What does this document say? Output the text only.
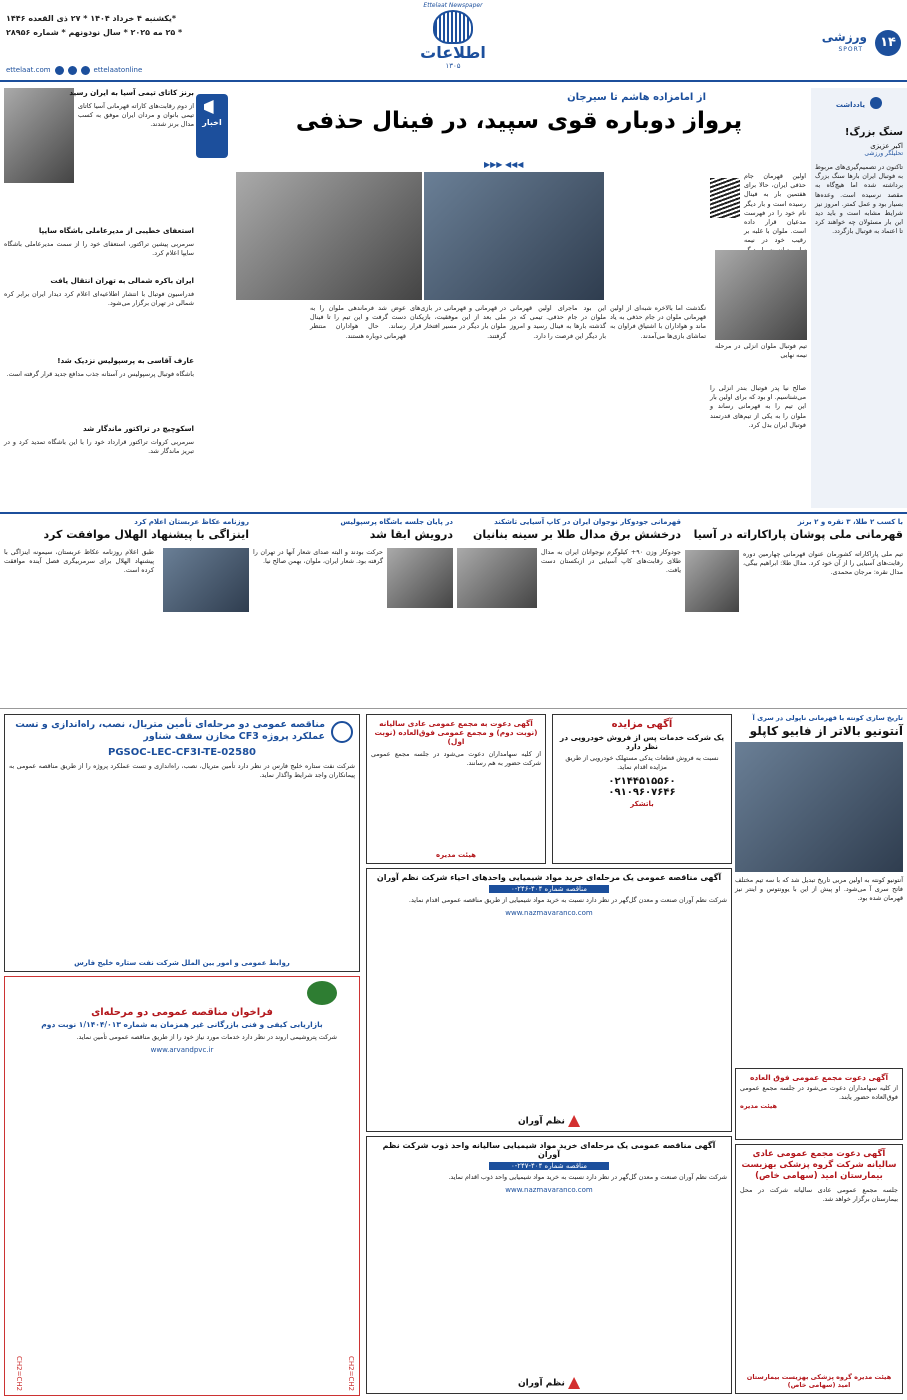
۱۴
ورزشی
SPORT
Ettelaat Newspaper
اطلاعات
۱۳۰۵
*یکشنبه ۴ خرداد ۱۴۰۴ * ۲۷ ذی القعده ۱۴۴۶
* ۲۵ مه ۲۰۲۵ * سال نودونهم * شماره ۲۸۹۵۶
ettelaat.com	ettelaatonline
یادداشت
سنگ بزرگ!
اکبر عزیزی
تحلیلگر ورزشی
تاکنون در تصمیم‌گیری‌های مربوط به فوتبال ایران بارها سنگ بزرگ برداشته شده اما هیچ‌گاه به مقصد نرسیده است. وعده‌ها بسیار بود و عمل کمتر. امروز نیز شرایط مشابه است و باید دید این بار مسئولان چه خواهند کرد تا اعتماد به فوتبال بازگردد.
برنز کاتای تیمی آسیا به ایران رسید
از دوم رقابت‌های کاراته قهرمانی آسیا کاتای تیمی بانوان و مردان ایران موفق به کسب مدال برنز شدند.
استعفای خطیبی از مدیرعاملی باشگاه سایپا
سرمربی پیشین تراکتور، استعفای خود را از سمت مدیرعاملی باشگاه سایپا اعلام کرد.
ایران باکره شمالی به تهران انتقال یافت
فدراسیون فوتبال با انتشار اطلاعیه‌ای اعلام کرد دیدار ایران برابر کره شمالی در تهران برگزار می‌شود.
عارف آقاسی به پرسپولیس نزدیک شد!
باشگاه فوتبال پرسپولیس در آستانه جذب مدافع جدید قرار گرفته است.
اسکوچیچ در تراکتور ماندگار شد
سرمربی کروات تراکتور قرارداد خود را با این باشگاه تمدید کرد و در تبریز ماندگار شد.
اخبار
از امامزاده هاشم تا سیرجان
پرواز دوباره قوی سپید، در فینال حذفی
◀◀◀ ▶▶▶
اولین قهرمان جام حذفی ایران، حالا برای هفتمین بار به فینال رسیده است و بار دیگر نام خود را در فهرست مدعیان قرار داده است. ملوان با غلبه بر رقیب خود در نیمه
صالح نیا پدر فوتبال بندر انزلی را می‌شناسیم. او بود که برای اولین بار این تیم را به قهرمانی رساند و ملوان را به یکی از تیم‌های قدرتمند فوتبال ایران بدل کرد.
نگذشت اما بالاخره شبه‌ای از اولین قهرمانی ملوان در جام حذفی به یاد ماند و هواداران با اشتیاق فراوان به تماشای بازی‌ها می‌آمدند.
این بود ماجرای اولین قهرمانی ملوان در جام حذفی. تیمی که در گذشته بارها به فینال رسید و امروز بار دیگر این فرصت را دارد.
در قهرمانی و قهرمانی در بازی‌های ملی بعد از این موفقیت، بازیکنان ملوان بار دیگر در مسیر افتخار قرار گرفتند.
عوض شد فرماندهی ملوان را به دست گرفت و این تیم را تا فینال رساند. حال هواداران منتظر قهرمانی دوباره هستند.
تیم فوتبال ملوان انزلی در مرحله نیمه نهایی
با کسب ۲ طلا، ۳ نقره و ۲ برنز
قهرمانی ملی پوشان پاراکاراته در آسیا
تیم ملی پاراکاراته کشورمان عنوان قهرمانی چهارمین دوره رقابت‌های آسیایی را از آن خود کرد. مدال طلا: ابراهیم بیگی، مدال نقره: مرجان محمدی.
قهرمانی جودوکار نوجوان ایران در کاپ آسیایی تاشکند
درخشش برق مدال طلا بر سینه بنانیان
جودوکار وزن ۹۰+ کیلوگرم نوجوانان ایران به مدال طلای رقابت‌های کاپ آسیایی در ازبکستان دست یافت.
در پایان جلسه باشگاه پرسپولیس
درویش ابقا شد
حرکت بودند و البته صدای شعار آنها در تهران را گرفته بود. شعار ایران، ملوان، بهمن صالح نیا.
روزنامه عکاظ عربستان اعلام کرد
اینزاگی با پیشنهاد الهلال موافقت کرد
طبق اعلام روزنامه عکاظ عربستان، سیمونه اینزاگی با پیشنهاد الهلال برای سرمربیگری فصل آینده موافقت کرده است.
تاریخ سازی کونته با قهرمانی ناپولی در سری آ
آنتونیو بالاتر از فابیو کاپلو
آنتونیو کونته به اولین مربی تاریخ تبدیل شد که با سه تیم مختلف فاتح سری آ می‌شود. او پیش از این با یوونتوس و اینتر نیز قهرمان شده بود.
مناقصه عمومی دو مرحله‌ای تأمین متریال، نصب، راه‌اندازی و تست عملکرد پروژه CF3 مخازن سقف شناور
PGSOC-LEC-CF3I-TE-02580
شرکت نفت ستاره خلیج فارس در نظر دارد تأمین متریال، نصب، راه‌اندازی و تست عملکرد پروژه را از طریق مناقصه عمومی به پیمانکاران واجد شرایط واگذار نماید.
روابط عمومی و امور بین الملل شرکت نفت ستاره خلیج فارس
CH2=CH2	CH2=CH2
فراخوان مناقصه عمومی دو مرحله‌ای
بازاریابی کیفی و فنی بازرگانی غیر همزمان به شماره ۱/۱۴۰۴/۰۱۳ نوبت دوم
شرکت پتروشیمی اروند در نظر دارد خدمات مورد نیاز خود را از طریق مناقصه عمومی تأمین نماید.
www.arvandpvc.ir
آگهی دعوت به مجمع عمومی عادی سالیانه (نوبت دوم) و مجمع عمومی فوق‌العاده (نوبت اول)
از کلیه سهامداران دعوت می‌شود در جلسه مجمع عمومی شرکت حضور به هم رسانند.
هیئت مدیره
آگهی مزایده
یک شرکت خدمات پس از فروش خودرویی در نظر دارد
نسبت به فروش قطعات یدکی مستهلک خودرویی از طریق مزایده اقدام نماید.
۰۲۱۴۴۵۱۵۵۶۰
۰۹۱۰۹۶۰۷۶۴۶
باتشکر
آگهی مناقصه عمومی یک مرحله‌ای خرید مواد شیمیایی واحدهای احیاء شرکت نظم آوران
مناقصه شماره ۴۰۴-۲۴۶-۰
شرکت نظم آوران صنعت و معدن گل‌گهر در نظر دارد نسبت به خرید مواد شیمیایی از طریق مناقصه عمومی اقدام نماید.
www.nazmavaranco.com
نظم آوران
آگهی مناقصه عمومی یک مرحله‌ای خرید مواد شیمیایی سالیانه واحد ذوب شرکت نظم آوران
مناقصه شماره ۴۰۴-۲۴۷-۰
شرکت نظم آوران صنعت و معدن گل‌گهر در نظر دارد نسبت به خرید مواد شیمیایی واحد ذوب اقدام نماید.
www.nazmavaranco.com
نظم آوران
آگهی دعوت مجمع عمومی فوق العاده
از کلیه سهامداران دعوت می‌شود در جلسه مجمع عمومی فوق‌العاده حضور یابند.
هیئت مدیره
آگهی دعوت مجمع عمومی عادی سالیانه شرکت گروه پزشکی بهزیست بیمارستان امید (سهامی خاص)
جلسه مجمع عمومی عادی سالیانه شرکت در محل بیمارستان برگزار خواهد شد.
هیئت مدیره گروه پزشکی بهزیست بیمارستان امید (سهامی خاص)
